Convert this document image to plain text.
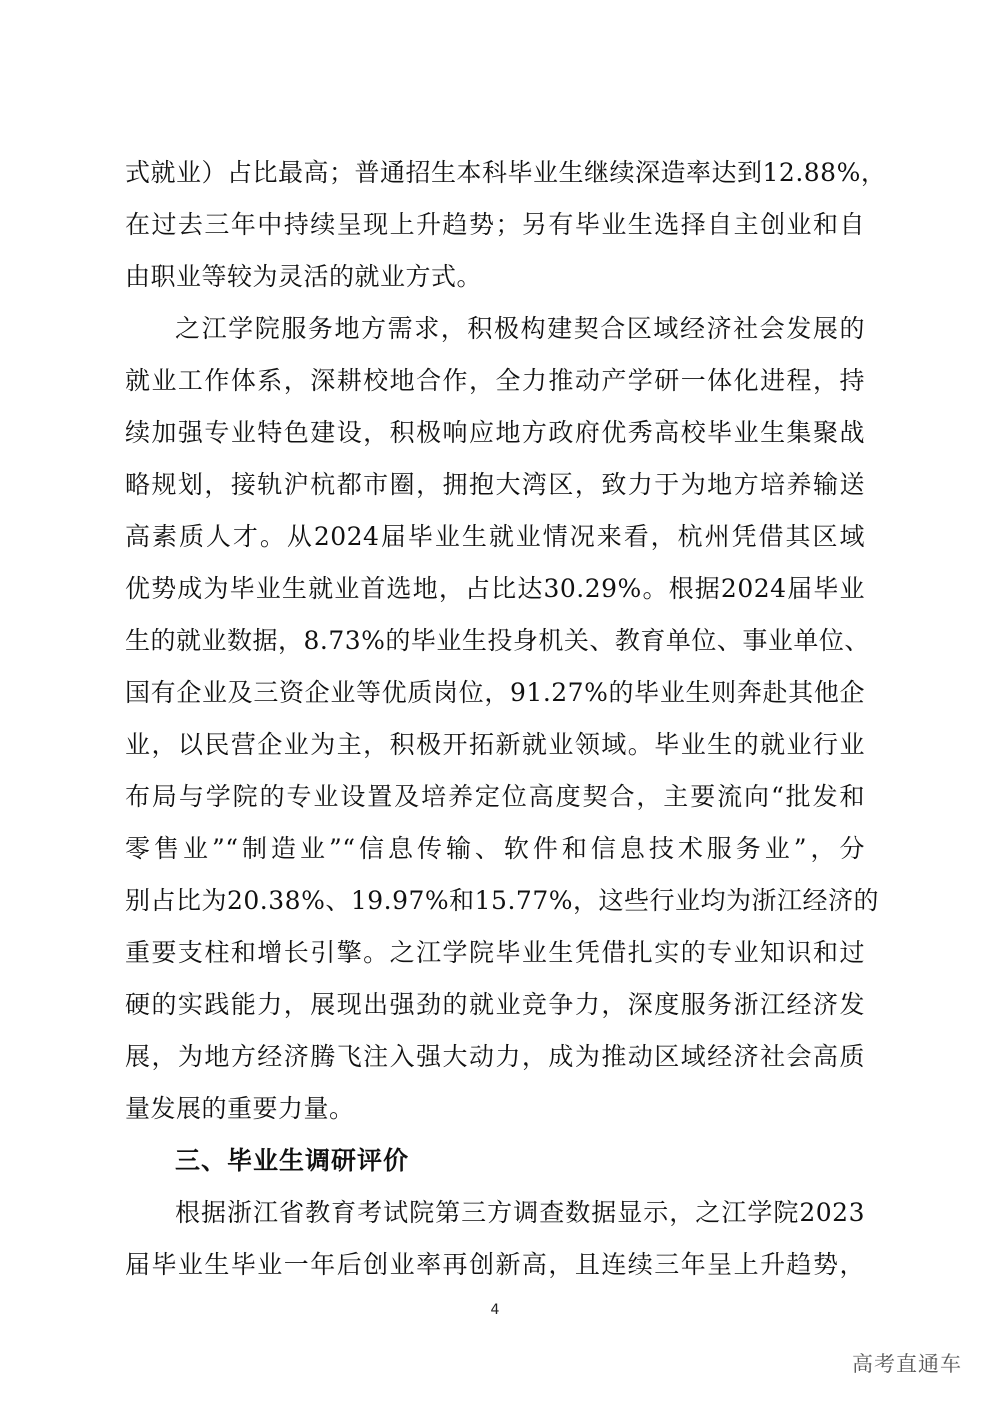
式就业）占比最高；普通招生本科毕业生继续深造率达到12.88%，
在过去三年中持续呈现上升趋势；另有毕业生选择自主创业和自
由职业等较为灵活的就业方式。
之江学院服务地方需求，积极构建契合区域经济社会发展的
就业工作体系，深耕校地合作，全力推动产学研一体化进程，持
续加强专业特色建设，积极响应地方政府优秀高校毕业生集聚战
略规划，接轨沪杭都市圈，拥抱大湾区，致力于为地方培养输送
高素质人才。从2024届毕业生就业情况来看，杭州凭借其区域
优势成为毕业生就业首选地，占比达30.29%。根据2024届毕业
生的就业数据，8.73%的毕业生投身机关、教育单位、事业单位、
国有企业及三资企业等优质岗位，91.27%的毕业生则奔赴其他企
业，以民营企业为主，积极开拓新就业领域。毕业生的就业行业
布局与学院的专业设置及培养定位高度契合，主要流向“批发和
零售业”“制造业”“信息传输、软件和信息技术服务业”，分
别占比为20.38%、19.97%和15.77%，这些行业均为浙江经济的
重要支柱和增长引擎。之江学院毕业生凭借扎实的专业知识和过
硬的实践能力，展现出强劲的就业竞争力，深度服务浙江经济发
展，为地方经济腾飞注入强大动力，成为推动区域经济社会高质
量发展的重要力量。
三、毕业生调研评价
根据浙江省教育考试院第三方调查数据显示，之江学院2023
届毕业生毕业一年后创业率再创新高，且连续三年呈上升趋势，
4
高考直通车
